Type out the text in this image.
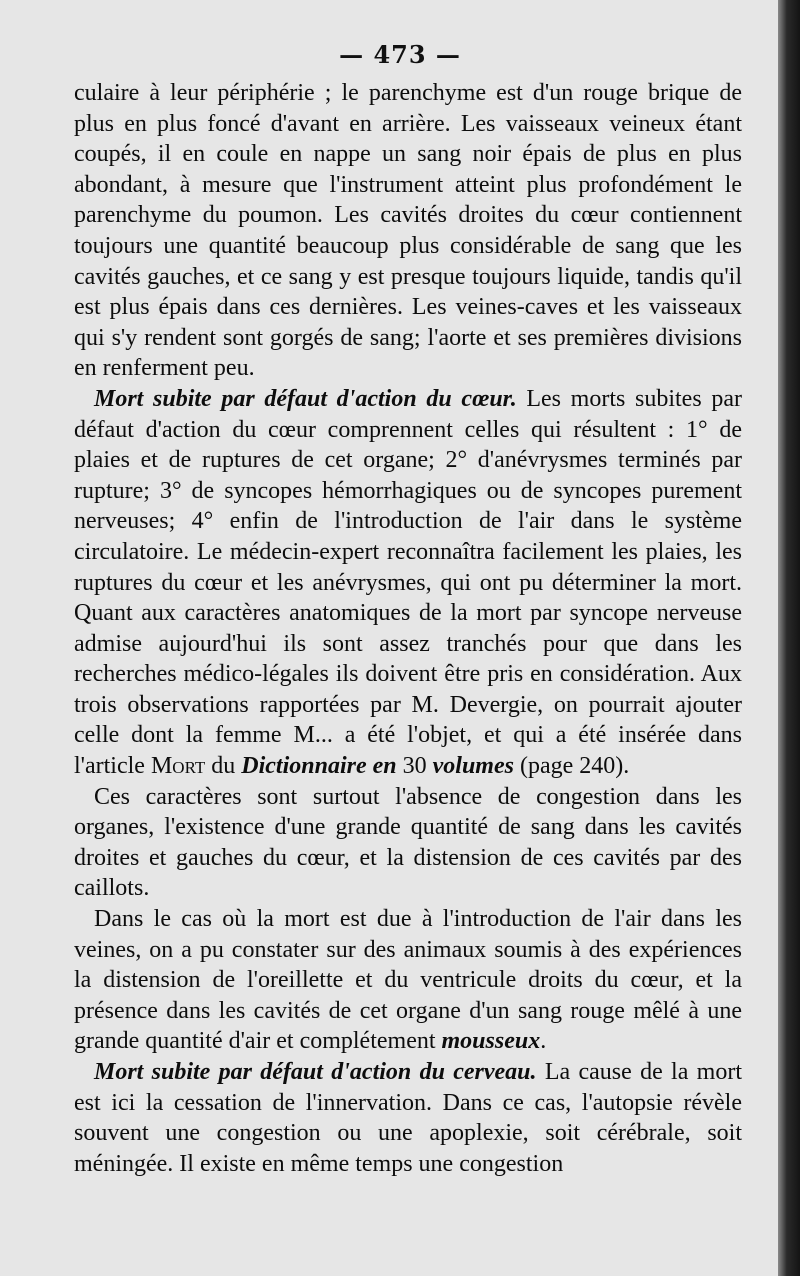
— 473 —

culaire à leur périphérie ; le parenchyme est d'un rouge brique de plus en plus foncé d'avant en arrière. Les vaisseaux veineux étant coupés, il en coule en nappe un sang noir épais de plus en plus abondant, à mesure que l'instrument atteint plus profondément le parenchyme du poumon. Les cavités droites du cœur contiennent toujours une quantité beaucoup plus considérable de sang que les cavités gauches, et ce sang y est presque toujours liquide, tandis qu'il est plus épais dans ces dernières. Les veines-caves et les vaisseaux qui s'y rendent sont gorgés de sang; l'aorte et ses premières divisions en renferment peu.

Mort subite par défaut d'action du cœur. Les morts subites par défaut d'action du cœur comprennent celles qui résultent : 1° de plaies et de ruptures de cet organe; 2° d'anévrysmes terminés par rupture; 3° de syncopes hémorrhagiques ou de syncopes purement nerveuses; 4° enfin de l'introduction de l'air dans le système circulatoire. Le médecin-expert reconnaîtra facilement les plaies, les ruptures du cœur et les anévrysmes, qui ont pu déterminer la mort. Quant aux caractères anatomiques de la mort par syncope nerveuse admise aujourd'hui ils sont assez tranchés pour que dans les recherches médico-légales ils doivent être pris en considération. Aux trois observations rapportées par M. Devergie, on pourrait ajouter celle dont la femme M... a été l'objet, et qui a été insérée dans l'article Mort du Dictionnaire en 30 volumes (page 240).

Ces caractères sont surtout l'absence de congestion dans les organes, l'existence d'une grande quantité de sang dans les cavités droites et gauches du cœur, et la distension de ces cavités par des caillots.

Dans le cas où la mort est due à l'introduction de l'air dans les veines, on a pu constater sur des animaux soumis à des expériences la distension de l'oreillette et du ventricule droits du cœur, et la présence dans les cavités de cet organe d'un sang rouge mêlé à une grande quantité d'air et complétement mousseux.

Mort subite par défaut d'action du cerveau. La cause de la mort est ici la cessation de l'innervation. Dans ce cas, l'autopsie révèle souvent une congestion ou une apoplexie, soit cérébrale, soit méningée. Il existe en même temps une congestion
